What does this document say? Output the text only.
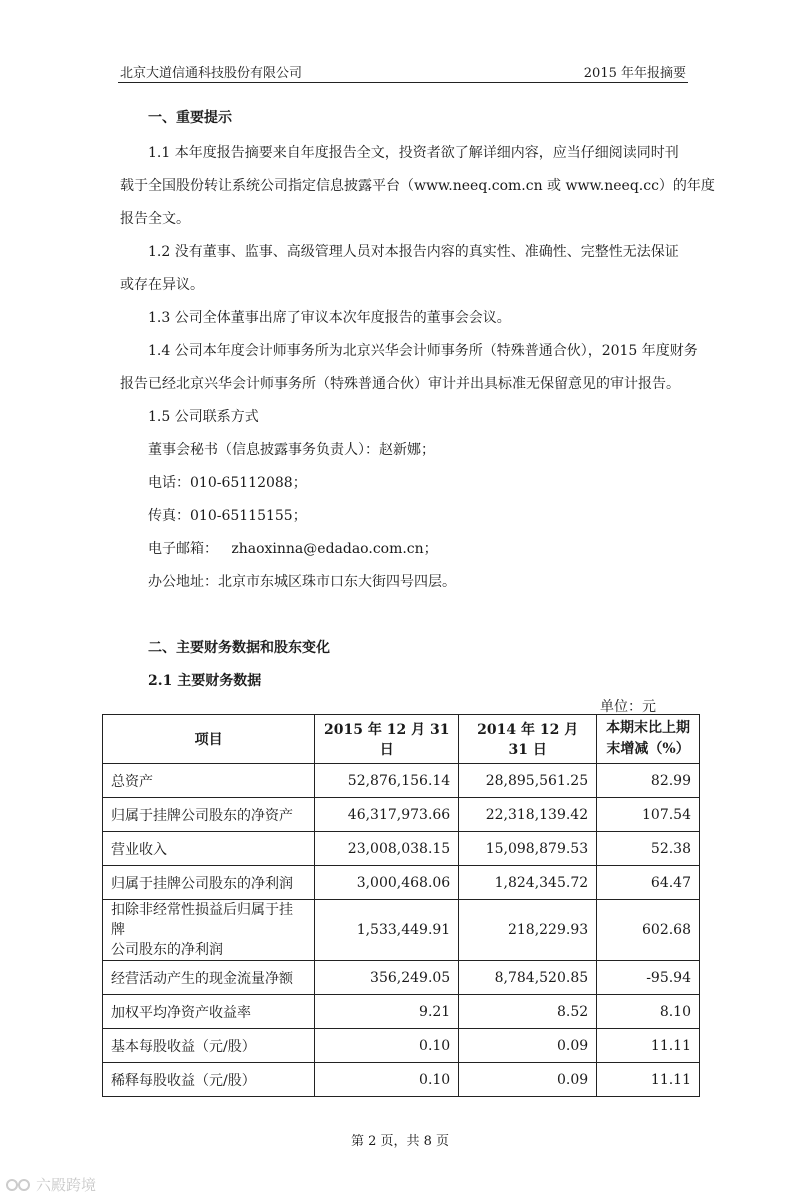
北京大道信通科技股份有限公司	2015 年年报摘要
一、重要提示
1.1 本年度报告摘要来自年度报告全文，投资者欲了解详细内容，应当仔细阅读同时刊
载于全国股份转让系统公司指定信息披露平台（www.neeq.com.cn 或 www.neeq.cc）的年度
报告全文。
1.2 没有董事、监事、高级管理人员对本报告内容的真实性、准确性、完整性无法保证
或存在异议。
1.3 公司全体董事出席了审议本次年度报告的董事会会议。
1.4 公司本年度会计师事务所为北京兴华会计师事务所（特殊普通合伙），2015 年度财务
报告已经北京兴华会计师事务所（特殊普通合伙）审计并出具标准无保留意见的审计报告。
1.5 公司联系方式
董事会秘书（信息披露事务负责人）：赵新娜；
电话：010-65112088；
传真：010-65115155；
电子邮箱： zhaoxinna@edadao.com.cn；
办公地址：北京市东城区珠市口东大街四号四层。
二、主要财务数据和股东变化
2.1 主要财务数据
单位：元
项目	2015 年 12 月 31 日	2014 年 12 月 31 日	本期末比上期
末增减（%）

总资产	52,876,156.14	28,895,561.25	82.99
归属于挂牌公司股东的净资产	46,317,973.66	22,318,139.42	107.54
营业收入	23,008,038.15	15,098,879.53	52.38
归属于挂牌公司股东的净利润	3,000,468.06	1,824,345.72	64.47

扣除非经常性损益后归属于挂牌
公司股东的净利润	1,533,449.91	218,229.93	602.68
经营活动产生的现金流量净额	356,249.05	8,784,520.85	-95.94
加权平均净资产收益率	9.21	8.52	8.10
基本每股收益（元/股）	0.10	0.09	11.11
稀释每股收益（元/股）	0.10	0.09	11.11
第 2 页，共 8 页
六殿跨境
